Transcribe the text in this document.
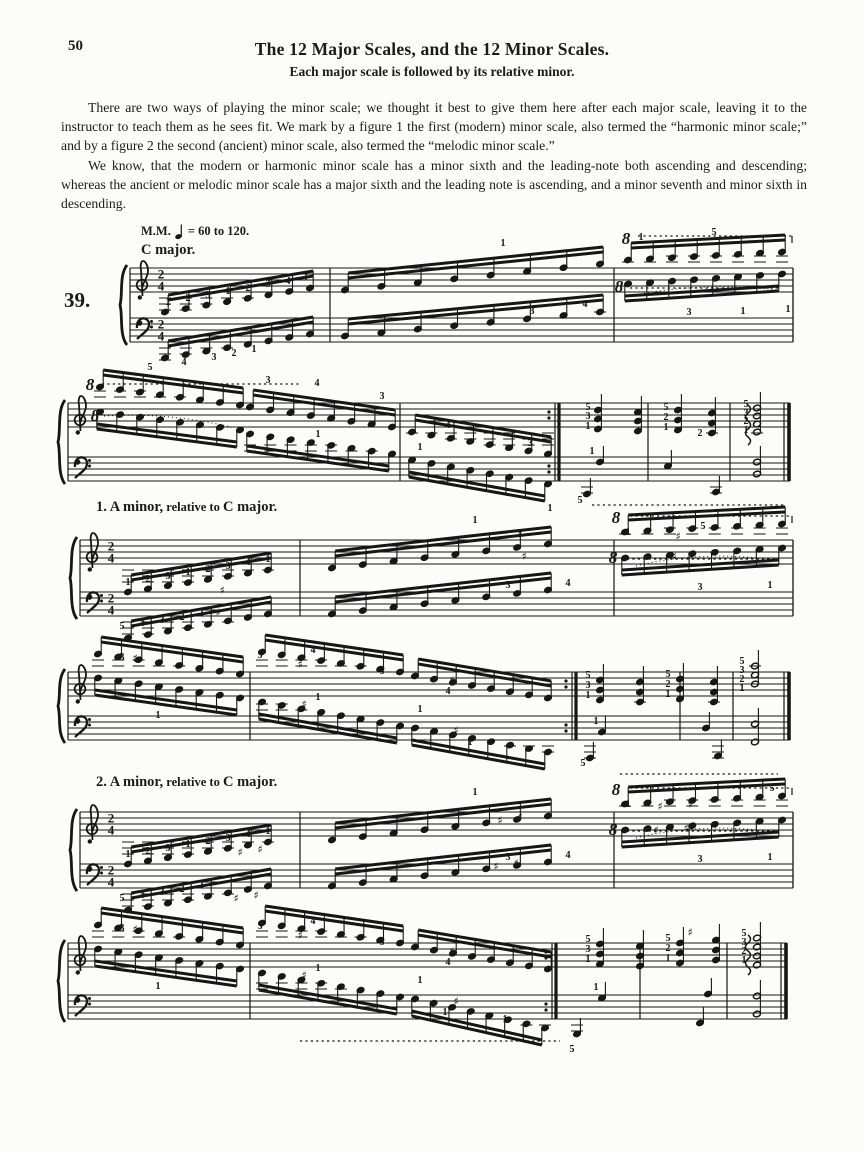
50	The 12 Major Scales, and the 12 Minor Scales.
Each major scale is followed by its relative minor.

There are two ways of playing the minor scale; we thought it best to give them here after each major scale, leaving it to the instructor to teach them as he sees fit. We mark by a figure 1 the first (modern) minor scale, also termed the “harmonic minor scale;” and by a figure 2 the second (ancient) minor scale, also termed the “melodic minor scale.”

We know, that the modern or harmonic minor scale has a minor sixth and the leading-note both ascending and descending; whereas the ancient or melodic minor scale has a major sixth and the leading note is ascending, and a minor seventh and minor sixth in descending.

M.M. = 60 to 120.
C major.
39.
1. A minor, relative to C major.
2. A minor, relative to C major.
2
4
2
4
8
8
1 2 3 1 2 3 4 1
5	4	3 2 1
1
3
4
1	5
3	1	1
8
8
3	4
3
4
3
1
1
5
3
1
1
5
5
2
1
2
5
3
2
1
2
4
2
4
8
8
1 2 3 1 2 3 4 1
5 4 3 2 1
1
1
3	4
1
5
3	1
♯
♯
♯
♯
♯
♯
3	3	4
3
4
1
1
1
1
5
3
1
1
5
5
2
1
5
3
2
1
♯
♯
♯
♯
♯
2
4
2
4
8
8
1 2 3 1 2 3 4 1
5 4 3 2 1
1	5
3	4
1
3	1
♯ ♯
♯ ♯
♯ ♯
♯ ♯
♯ ♯
♯ ♯
3	3	4
3
4
1
1
1
1
1
5
3
1
1
5
5
2
1
♯	5
3
2
1
♯
♯
♯
♯
♯
